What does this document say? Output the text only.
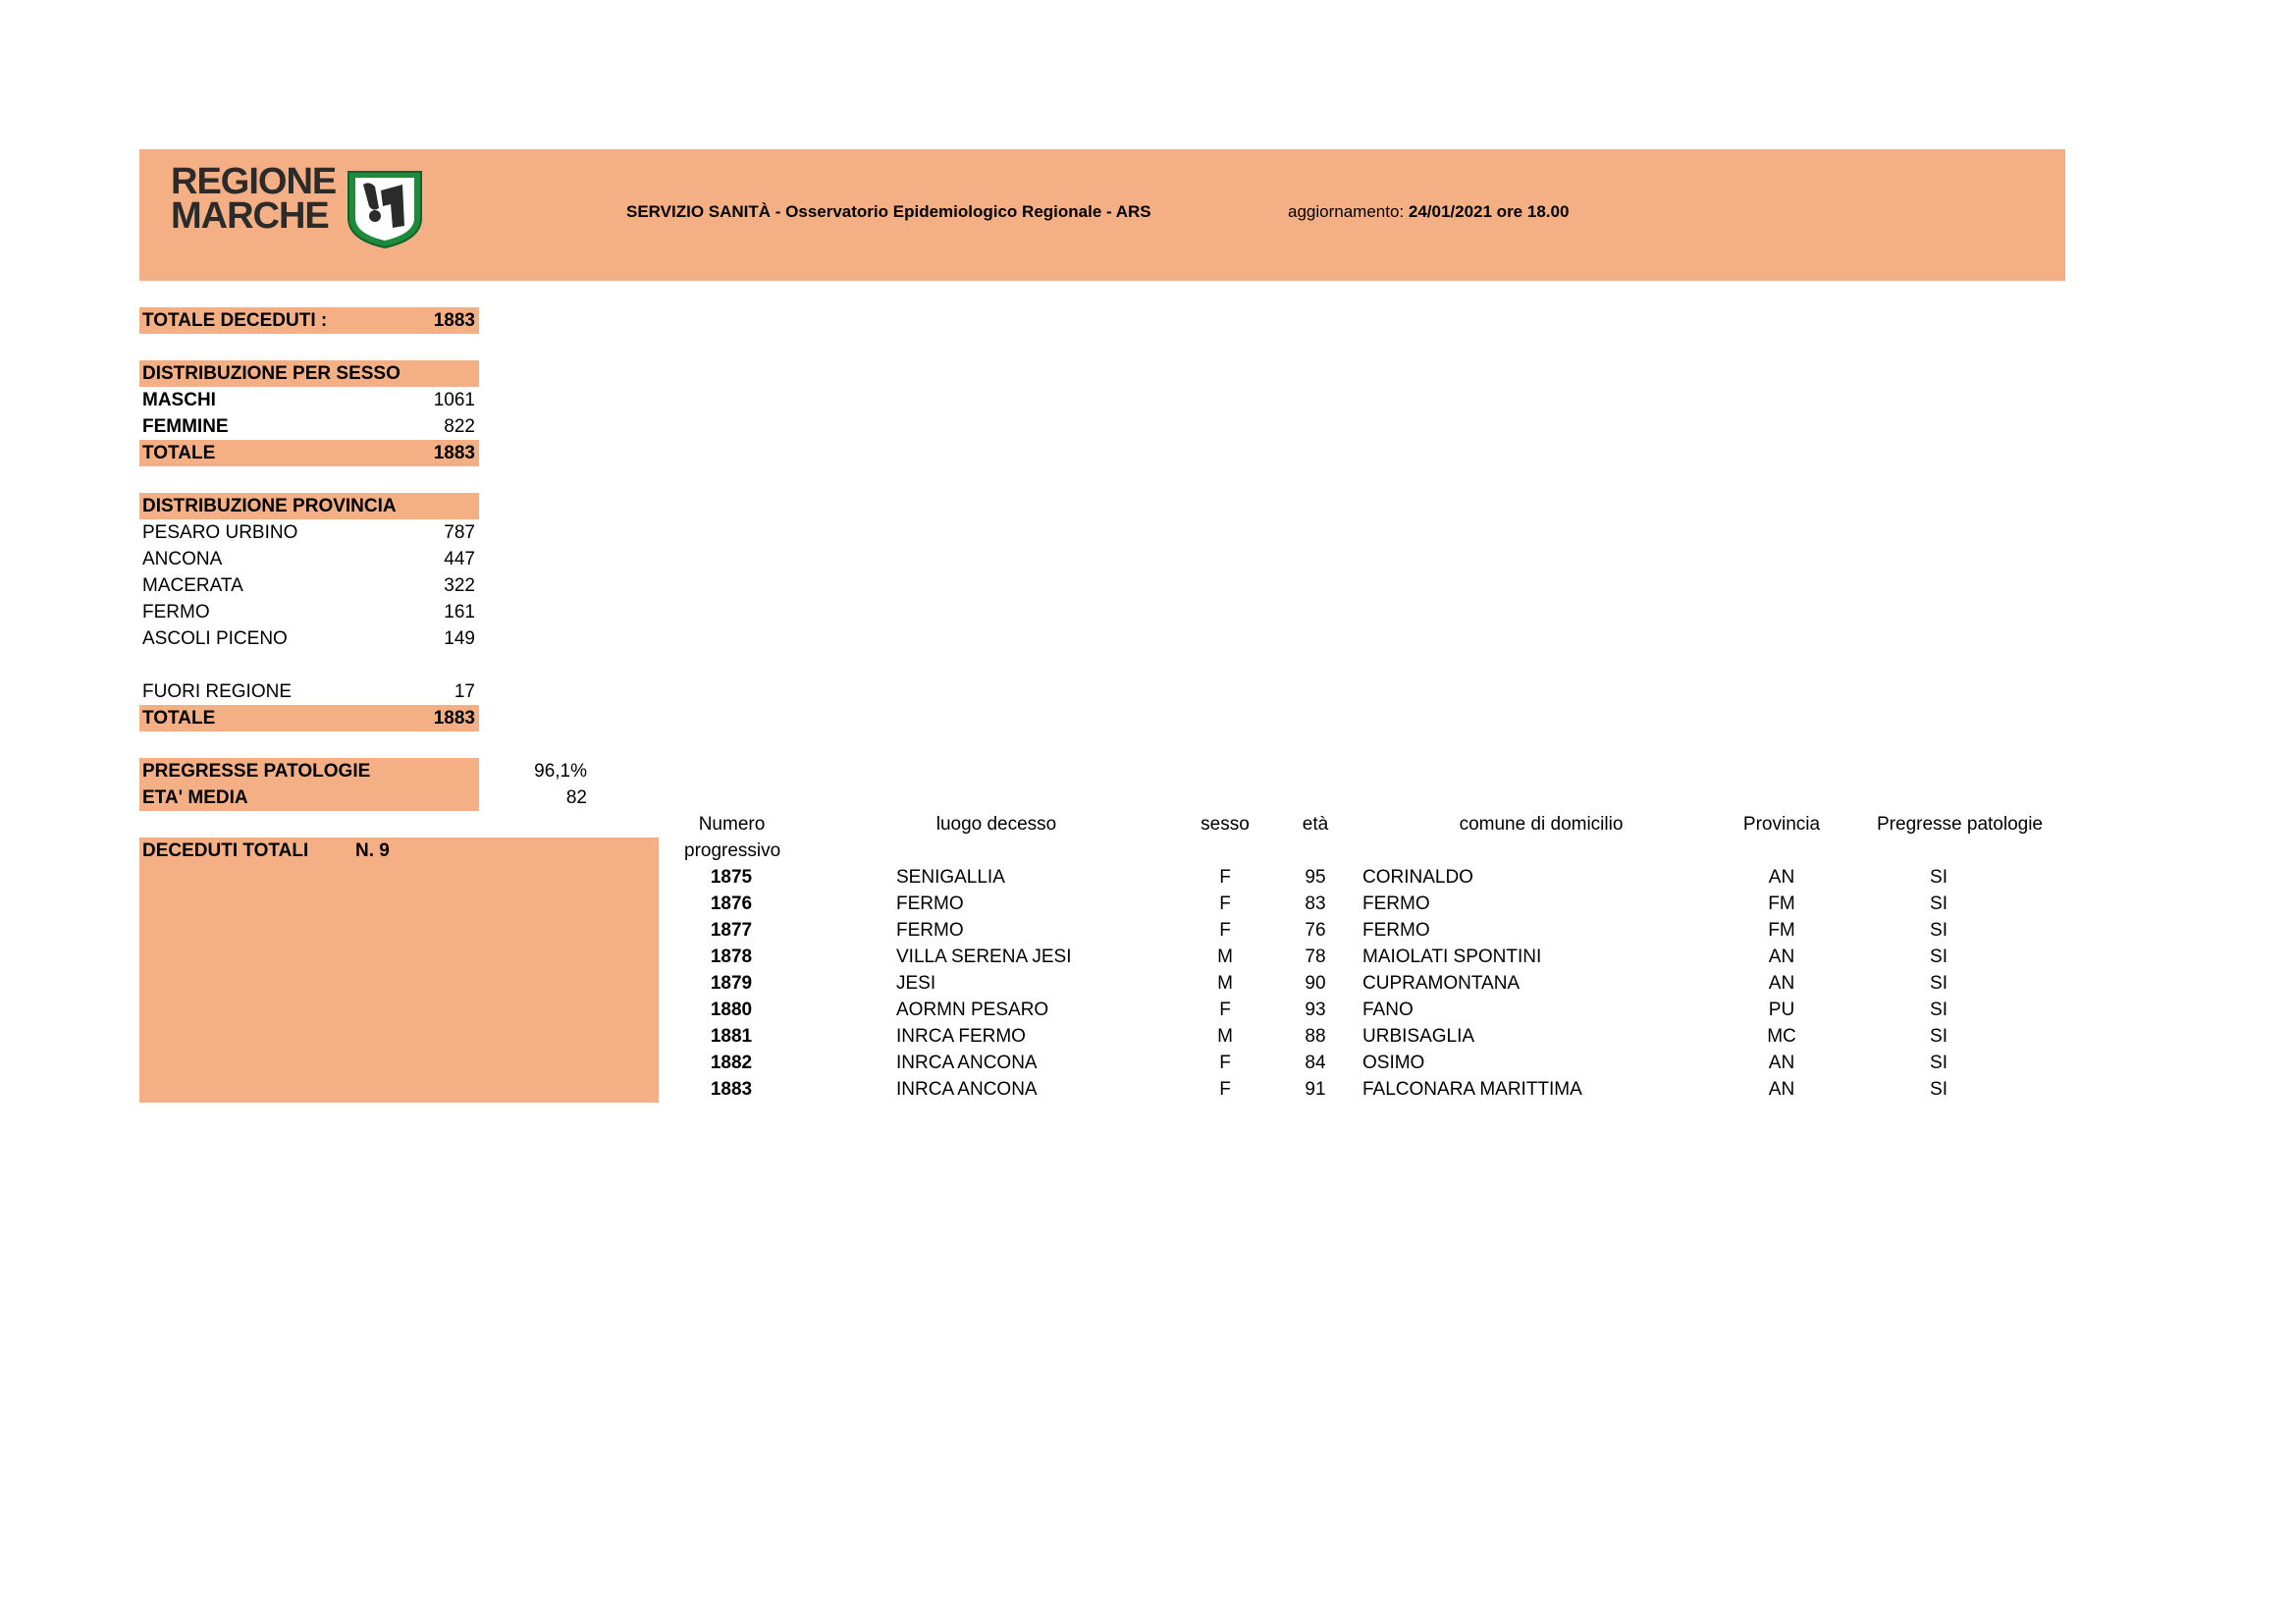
REGIONE
MARCHE	SERVIZIO SANITÀ - Osservatorio Epidemiologico Regionale - ARS	aggiornamento: 24/01/2021 ore 18.00
TOTALE DECEDUTI :	1883
DISTRIBUZIONE PER SESSO
MASCHI	1061
FEMMINE	822
TOTALE	1883
DISTRIBUZIONE PROVINCIA
PESARO URBINO	787
ANCONA	447
MACERATA	322
FERMO	161
ASCOLI PICENO	149
FUORI REGIONE	17
TOTALE	1883
PREGRESSE PATOLOGIE	96,1%
ETA' MEDIA	82
DECEDUTI TOTALI	N. 9
Numero
progressivo
luogo decesso	sesso	età	comune di domicilio	Provincia	Pregresse patologie
1875	SENIGALLIA	F	95	CORINALDO	AN	SI
1876	FERMO	F	83	FERMO	FM	SI
1877	FERMO	F	76	FERMO	FM	SI
1878	VILLA SERENA JESI	M	78	MAIOLATI SPONTINI	AN	SI
1879	JESI	M	90	CUPRAMONTANA	AN	SI
1880	AORMN PESARO	F	93	FANO	PU	SI
1881	INRCA FERMO	M	88	URBISAGLIA	MC	SI
1882	INRCA ANCONA	F	84	OSIMO	AN	SI
1883	INRCA ANCONA	F	91	FALCONARA MARITTIMA	AN	SI
